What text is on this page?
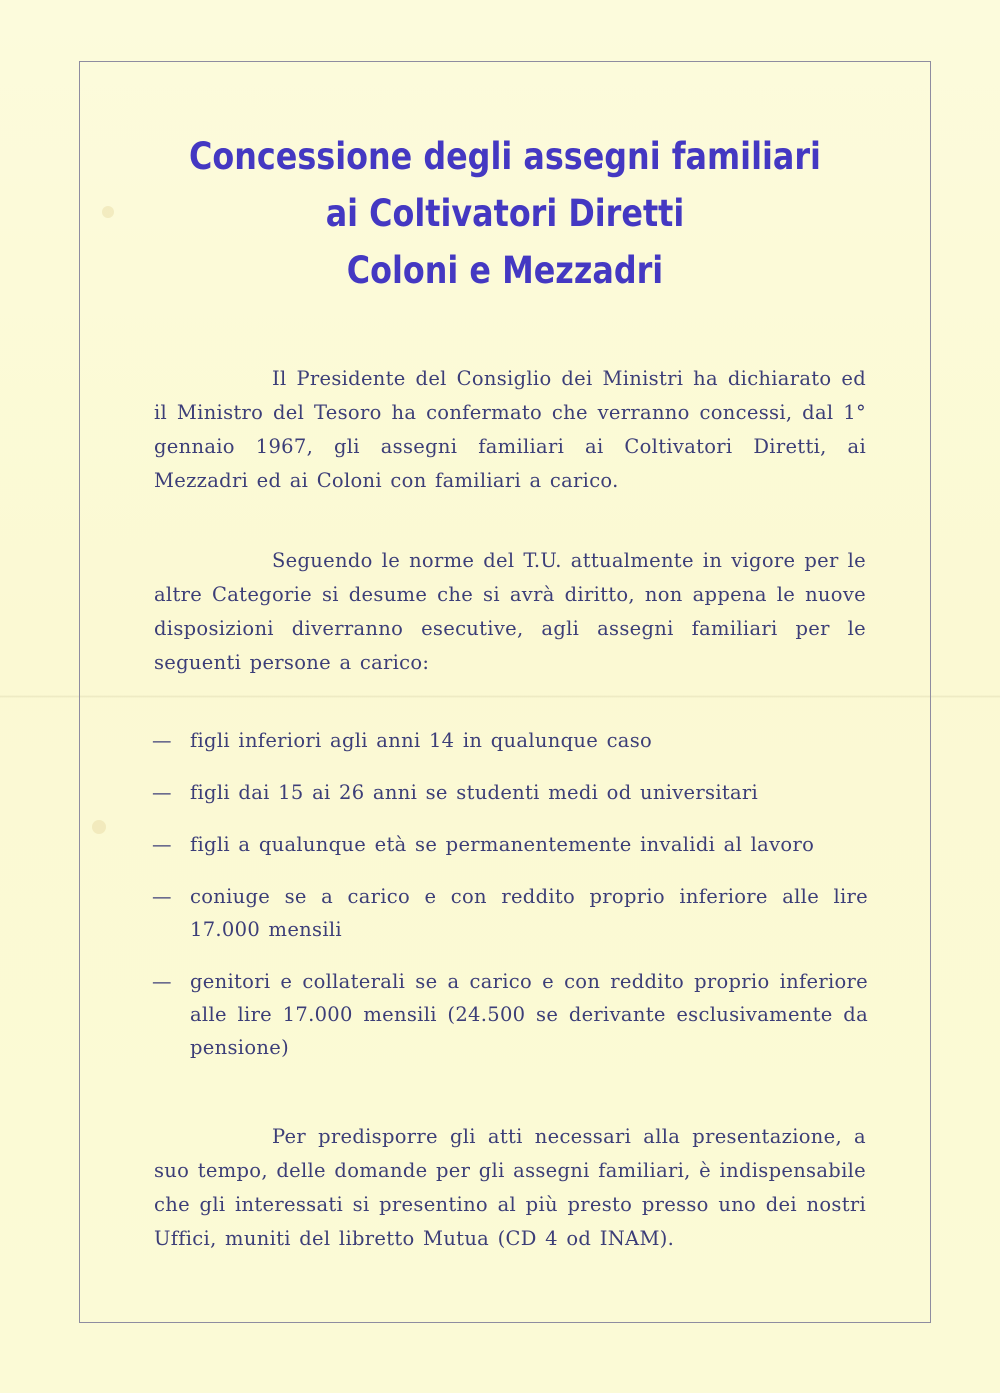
Concessione degli assegni familiari
ai Coltivatori Diretti
Coloni e Mezzadri

Il Presidente del Consiglio dei Ministri ha dichiarato ed il Ministro del Tesoro ha confermato che verranno concessi, dal 1° gennaio 1967, gli assegni familiari ai Coltivatori Diretti, ai Mezzadri ed ai Coloni con familiari a carico.

Seguendo le norme del T.U. attualmente in vigore per le altre Categorie si desume che si avrà diritto, non appena le nuove disposizioni diverranno esecutive, agli assegni familiari per le seguenti persone a carico:

— figli inferiori agli anni 14 in qualunque caso
— figli dai 15 ai 26 anni se studenti medi od universitari
— figli a qualunque età se permanentemente invalidi al lavoro
— coniuge se a carico e con reddito proprio inferiore alle lire 17.000 mensili
— genitori e collaterali se a carico e con reddito proprio inferiore alle lire 17.000 mensili (24.500 se derivante esclusivamente da pensione)

Per predisporre gli atti necessari alla presentazione, a suo tempo, delle domande per gli assegni familiari, è indispensabile che gli interessati si presentino al più presto presso uno dei nostri Uffici, muniti del libretto Mutua (CD 4 od INAM).
